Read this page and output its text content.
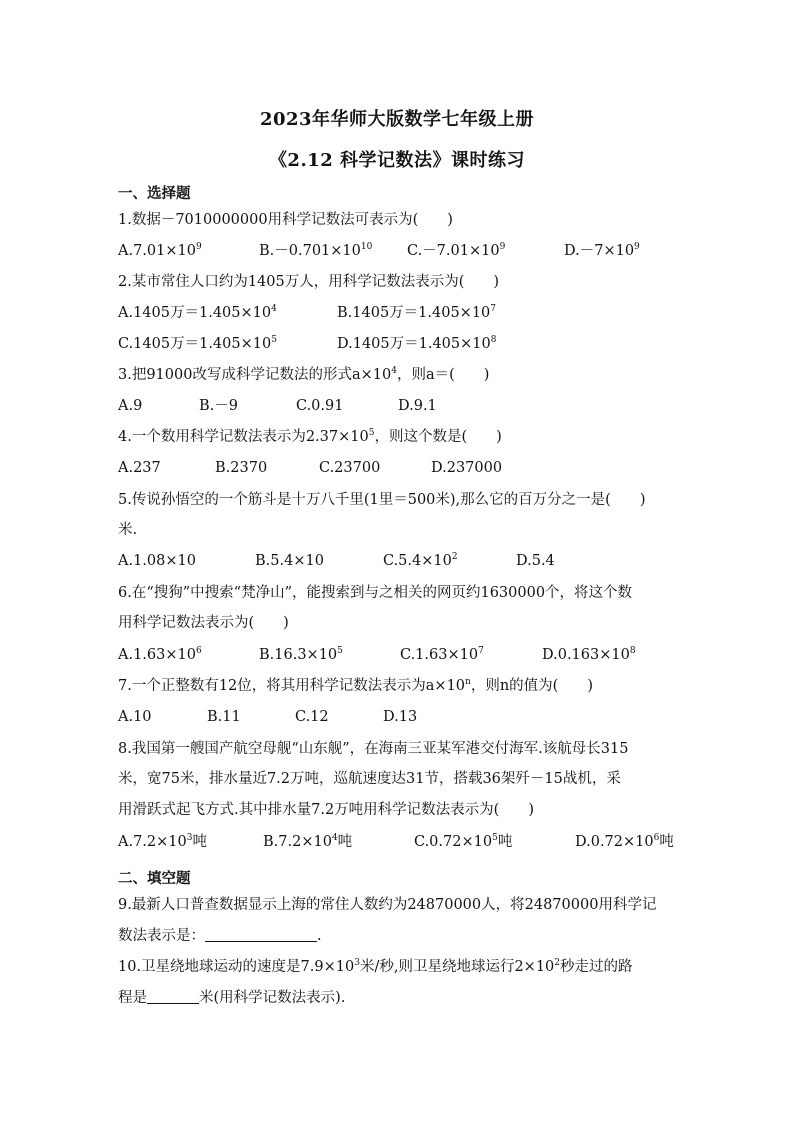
2023年华师大版数学七年级上册
《2.12 科学记数法》课时练习
一、选择题
1.数据－7010000000用科学记数法可表示为(　　)
$A.7.01\times 10^9$	$B.-0.701\times 10^{10}$ $C.-7.01\times 10^9$	$D.-7\times 10^9$
2.某市常住人口约为1405万人，用科学记数法表示为(　　)
A.1405万$=1.405\times 10^4$	B.1405万$=1.405\times 10^7$
C.1405万$=1.405\times 10^5$	D.1405万$=1.405\times 10^8$
3.把91000改写成科学记数法的形式$a\times 10^4$，则a＝(　　)
A.9	B.－9	C.0.91	D.9.1
4.一个数用科学记数法表示为$2.37\times 10^5$，则这个数是(　　)
A.237	B.2370	C.23700	D.237000
5.传说孙悟空的一个筋斗是十万八千里(1里＝500米),那么它的百万分之一是(　　)
米.
A.1.08×10	B.5.4×10	$C.5.4\times 10^2$	D.5.4
6.在“搜狗”中搜索“梵净山”，能搜索到与之相关的网页约1630000个，将这个数
用科学记数法表示为(　　)
$A.1.63\times 10^6$	$B.16.3\times 10^5$	$C.1.63\times 10^7$	$D.0.163\times 10^8$
7.一个正整数有12位，将其用科学记数法表示为$a\times 10^n$，则n的值为(　　)
A.10	B.11	C.12	D.13
8.我国第一艘国产航空母舰“山东舰”，在海南三亚某军港交付海军.该航母长315
米，宽75米，排水量近7.2万吨，巡航速度达31节，搭载36架歼－15战机，采
用滑跃式起飞方式.其中排水量7.2万吨用科学记数法表示为(　　)
$A.7.2\times 10^3$吨	$B.7.2\times 10^4$吨	$C.0.72\times 10^5$吨	$D.0.72\times 10^6$吨
二、填空题
9.最新人口普查数据显示上海的常住人数约为24870000人，将24870000用科学记
数法表示是：	.
10.卫星绕地球运动的速度是$7.9\times 10^3$米/秒,则卫星绕地球运行$2\times 10^2$秒走过的路
程是	米(用科学记数法表示).
